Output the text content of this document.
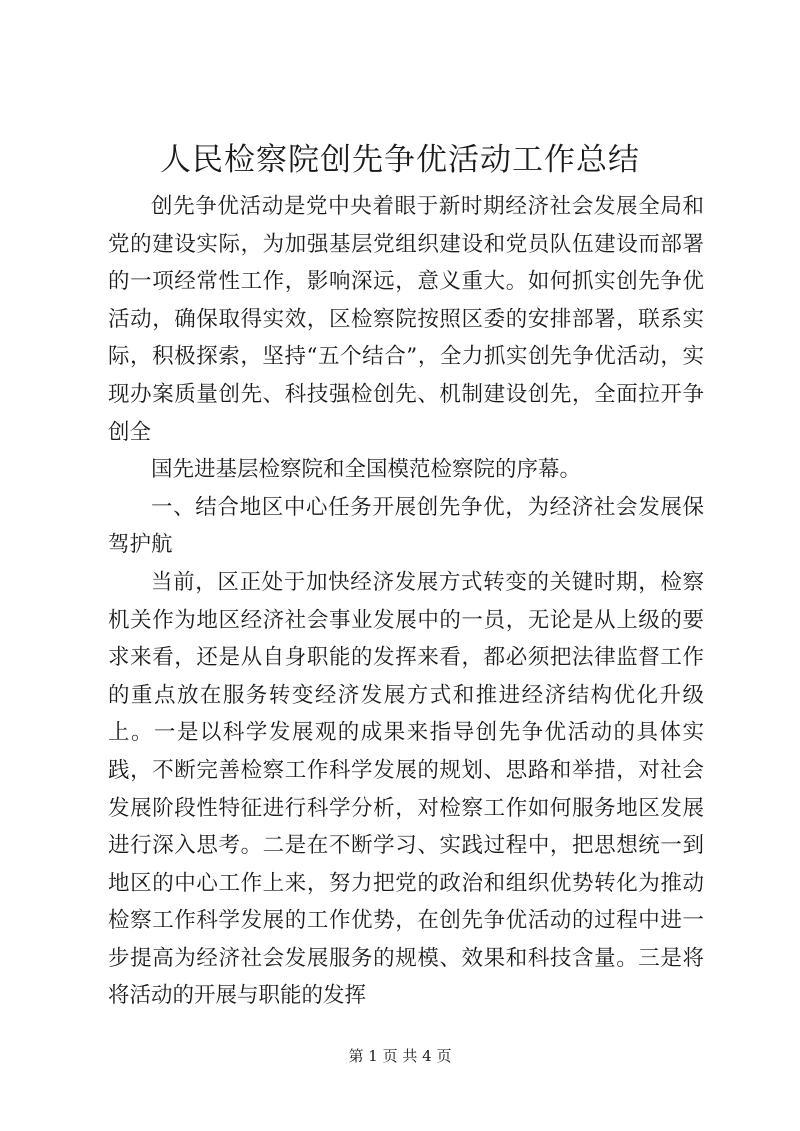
人民检察院创先争优活动工作总结

创先争优活动是党中央着眼于新时期经济社会发展全局和党的建设实际，为加强基层党组织建设和党员队伍建设而部署的一项经常性工作，影响深远，意义重大。如何抓实创先争优活动，确保取得实效，区检察院按照区委的安排部署，联系实际，积极探索，坚持“五个结合”，全力抓实创先争优活动，实现办案质量创先、科技强检创先、机制建设创先，全面拉开争创全

国先进基层检察院和全国模范检察院的序幕。

一、结合地区中心任务开展创先争优，为经济社会发展保驾护航

当前，区正处于加快经济发展方式转变的关键时期，检察机关作为地区经济社会事业发展中的一员，无论是从上级的要求来看，还是从自身职能的发挥来看，都必须把法律监督工作的重点放在服务转变经济发展方式和推进经济结构优化升级上。一是以科学发展观的成果来指导创先争优活动的具体实践，不断完善检察工作科学发展的规划、思路和举措，对社会发展阶段性特征进行科学分析，对检察工作如何服务地区发展进行深入思考。二是在不断学习、实践过程中，把思想统一到地区的中心工作上来，努力把党的政治和组织优势转化为推动检察工作科学发展的工作优势，在创先争优活动的过程中进一步提高为经济社会发展服务的规模、效果和科技含量。三是将将活动的开展与职能的发挥

第 1 页 共 4 页
